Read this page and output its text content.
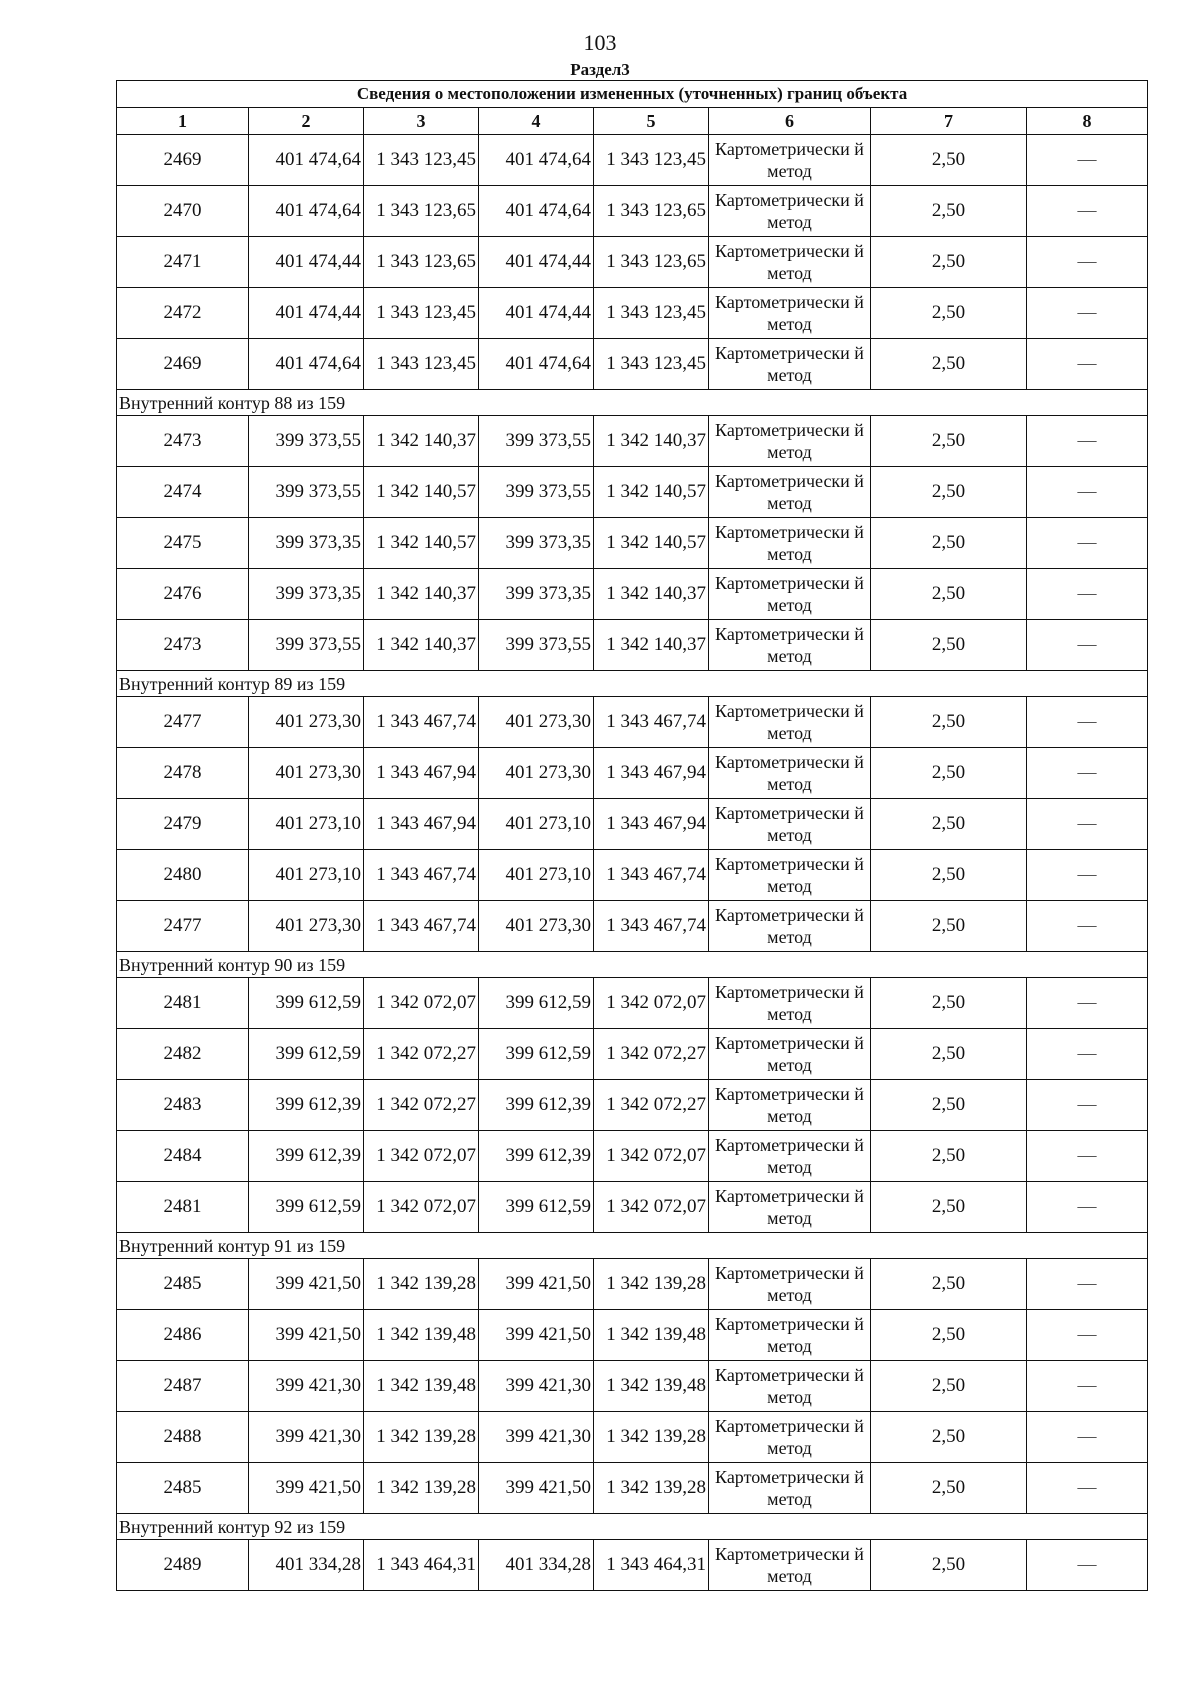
103
Раздел3
Сведения о местоположении измененных (уточненных) границ объекта							
1	2	3	4	5	6	7	8
2469	401 474,64	1 343 123,45	401 474,64	1 343 123,45	Картометрически й метод	2,50	—
2470	401 474,64	1 343 123,65	401 474,64	1 343 123,65	Картометрически й метод	2,50	—
2471	401 474,44	1 343 123,65	401 474,44	1 343 123,65	Картометрически й метод	2,50	—
2472	401 474,44	1 343 123,45	401 474,44	1 343 123,45	Картометрически й метод	2,50	—
2469	401 474,64	1 343 123,45	401 474,64	1 343 123,45	Картометрически й метод	2,50	—
Внутренний контур 88 из 159							
2473	399 373,55	1 342 140,37	399 373,55	1 342 140,37	Картометрически й метод	2,50	—
2474	399 373,55	1 342 140,57	399 373,55	1 342 140,57	Картометрически й метод	2,50	—
2475	399 373,35	1 342 140,57	399 373,35	1 342 140,57	Картометрически й метод	2,50	—
2476	399 373,35	1 342 140,37	399 373,35	1 342 140,37	Картометрически й метод	2,50	—
2473	399 373,55	1 342 140,37	399 373,55	1 342 140,37	Картометрически й метод	2,50	—
Внутренний контур 89 из 159							
2477	401 273,30	1 343 467,74	401 273,30	1 343 467,74	Картометрически й метод	2,50	—
2478	401 273,30	1 343 467,94	401 273,30	1 343 467,94	Картометрически й метод	2,50	—
2479	401 273,10	1 343 467,94	401 273,10	1 343 467,94	Картометрически й метод	2,50	—
2480	401 273,10	1 343 467,74	401 273,10	1 343 467,74	Картометрически й метод	2,50	—
2477	401 273,30	1 343 467,74	401 273,30	1 343 467,74	Картометрически й метод	2,50	—
Внутренний контур 90 из 159							
2481	399 612,59	1 342 072,07	399 612,59	1 342 072,07	Картометрически й метод	2,50	—
2482	399 612,59	1 342 072,27	399 612,59	1 342 072,27	Картометрически й метод	2,50	—
2483	399 612,39	1 342 072,27	399 612,39	1 342 072,27	Картометрически й метод	2,50	—
2484	399 612,39	1 342 072,07	399 612,39	1 342 072,07	Картометрически й метод	2,50	—
2481	399 612,59	1 342 072,07	399 612,59	1 342 072,07	Картометрически й метод	2,50	—
Внутренний контур 91 из 159							
2485	399 421,50	1 342 139,28	399 421,50	1 342 139,28	Картометрически й метод	2,50	—
2486	399 421,50	1 342 139,48	399 421,50	1 342 139,48	Картометрически й метод	2,50	—
2487	399 421,30	1 342 139,48	399 421,30	1 342 139,48	Картометрически й метод	2,50	—
2488	399 421,30	1 342 139,28	399 421,30	1 342 139,28	Картометрически й метод	2,50	—
2485	399 421,50	1 342 139,28	399 421,50	1 342 139,28	Картометрически й метод	2,50	—
Внутренний контур 92 из 159							
2489	401 334,28	1 343 464,31	401 334,28	1 343 464,31	Картометрически й метод	2,50	—
